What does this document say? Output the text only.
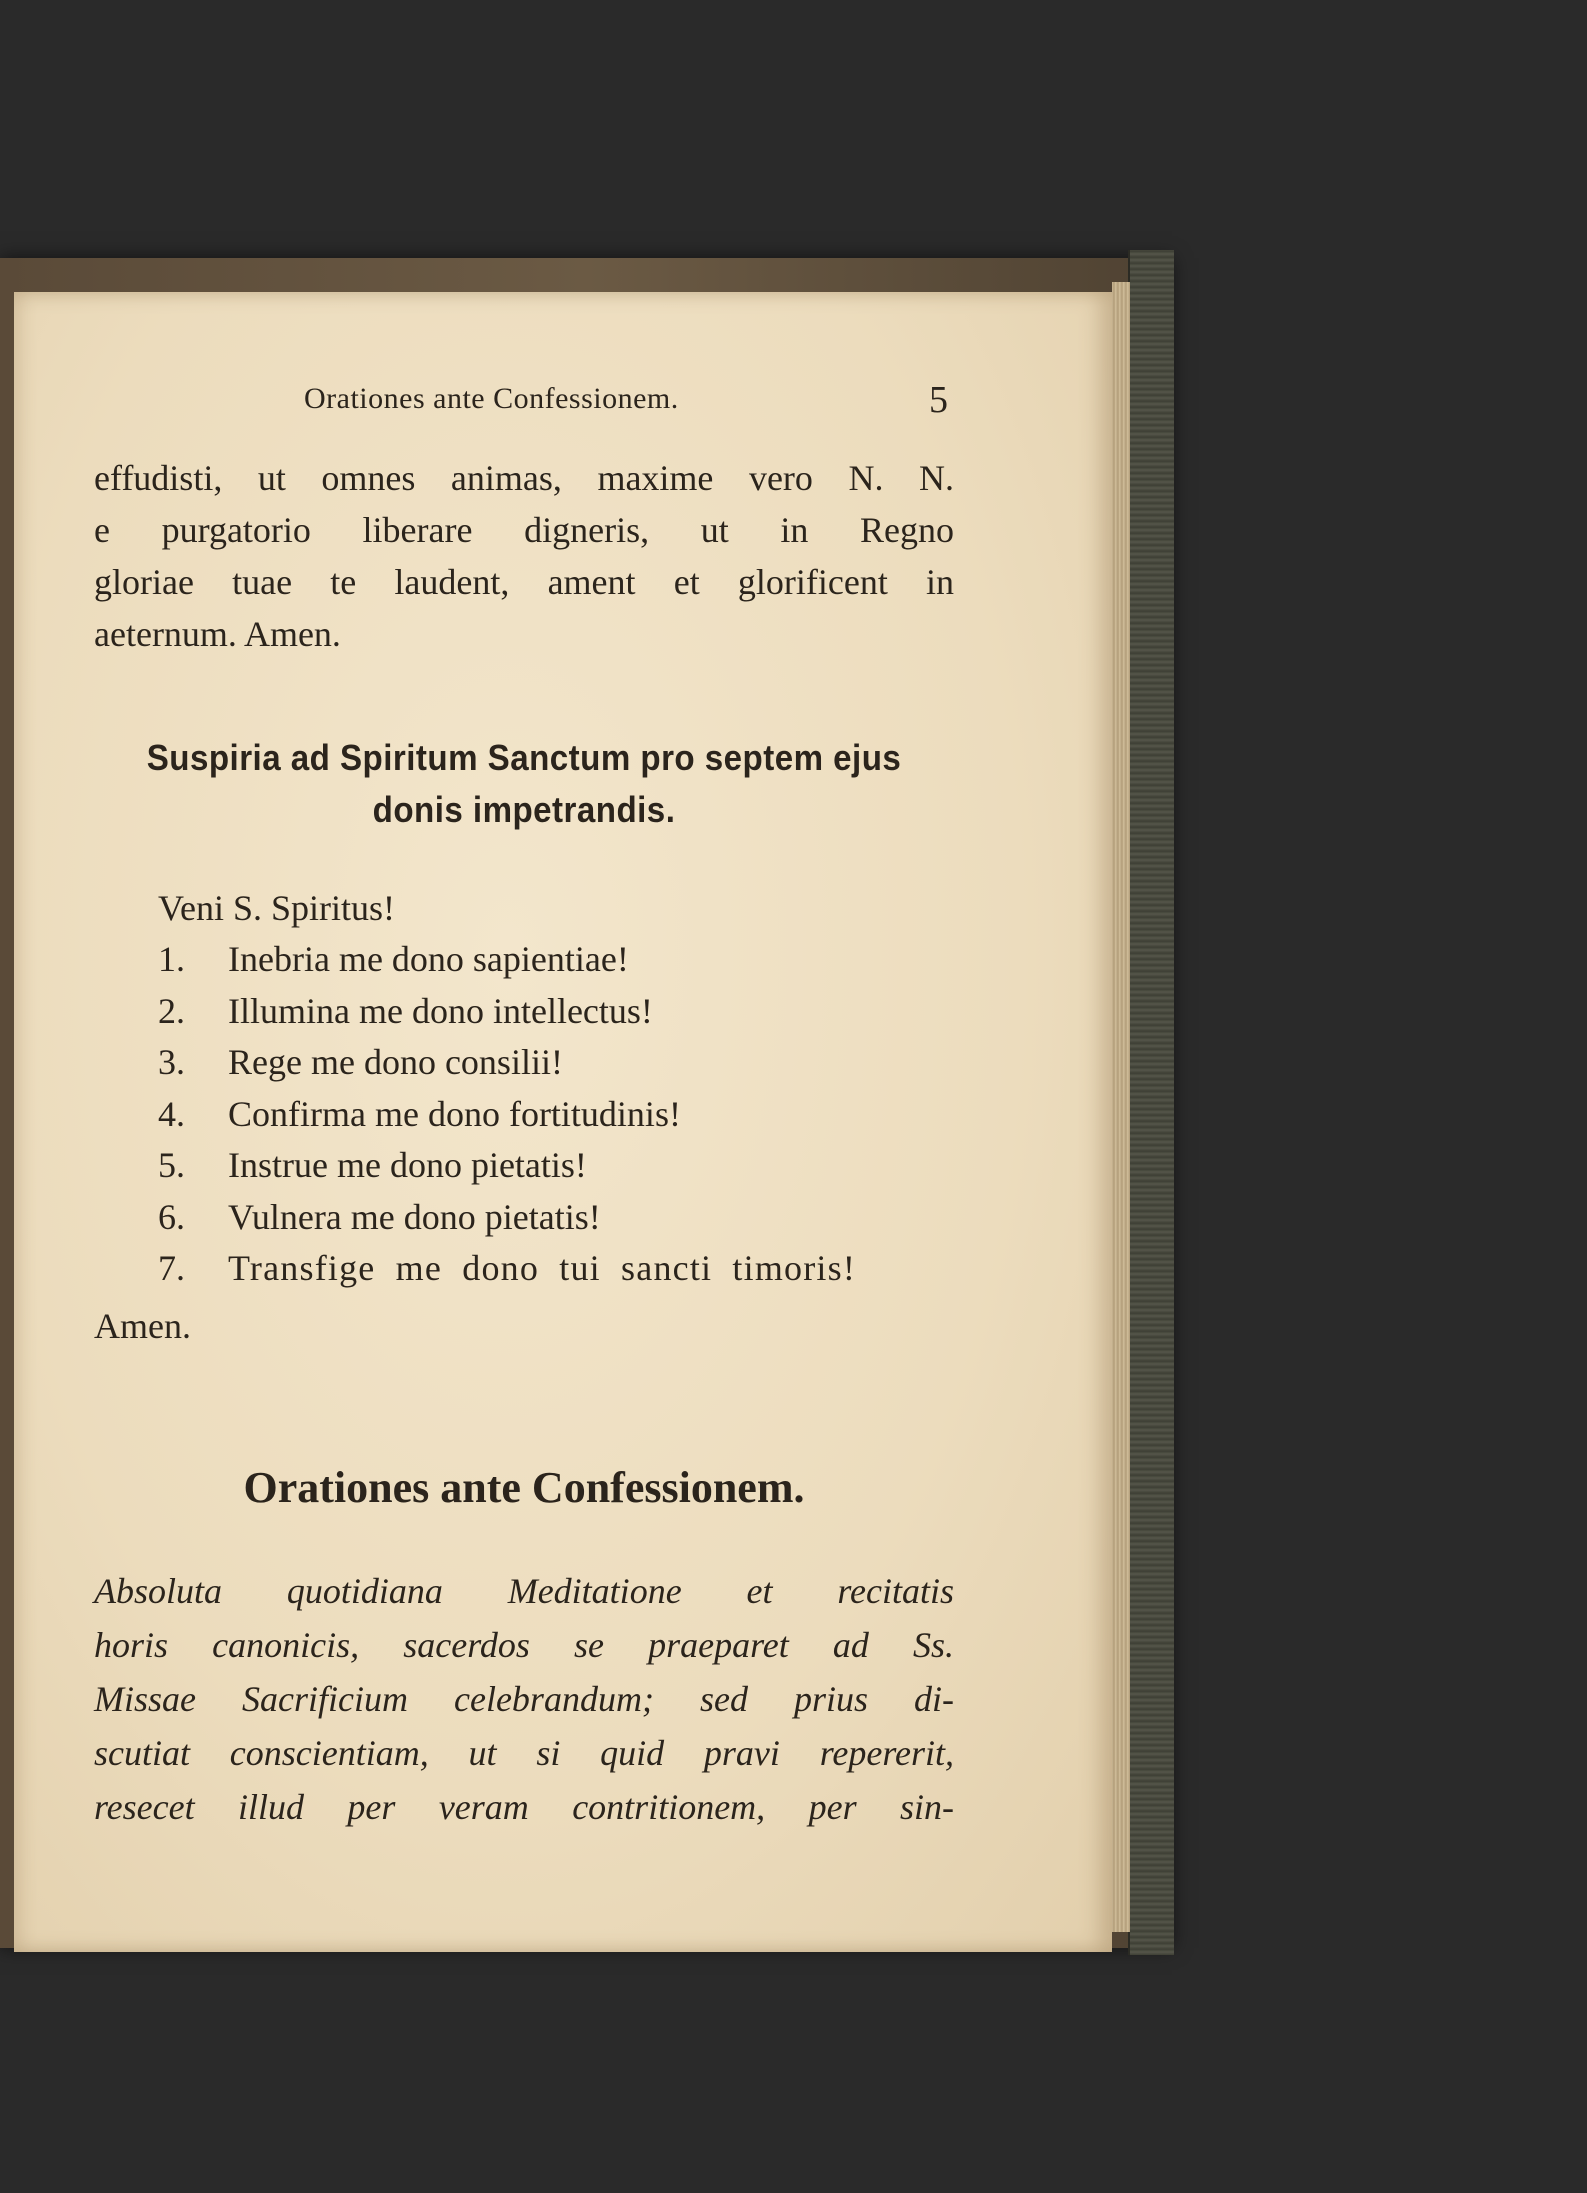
Orationes ante Confessionem.	5
effudisti, ut omnes animas, maxime vero N. N.
e purgatorio liberare digneris, ut in Regno
gloriae tuae te laudent, ament et glorificent in
aeternum. Amen.
Suspiria ad Spiritum Sanctum pro septem ejus
donis impetrandis.
Veni S. Spiritus!
1. Inebria me dono sapientiae!
2. Illumina me dono intellectus!
3. Rege me dono consilii!
4. Confirma me dono fortitudinis!
5. Instrue me dono pietatis!
6. Vulnera me dono pietatis!
7. Transfige me dono tui sancti timoris!
Amen.
Orationes ante Confessionem.
Absoluta quotidiana Meditatione et recitatis
horis canonicis, sacerdos se praeparet ad Ss.
Missae Sacrificium celebrandum; sed prius di-
scutiat conscientiam, ut si quid pravi repererit,
resecet illud per veram contritionem, per sin-
